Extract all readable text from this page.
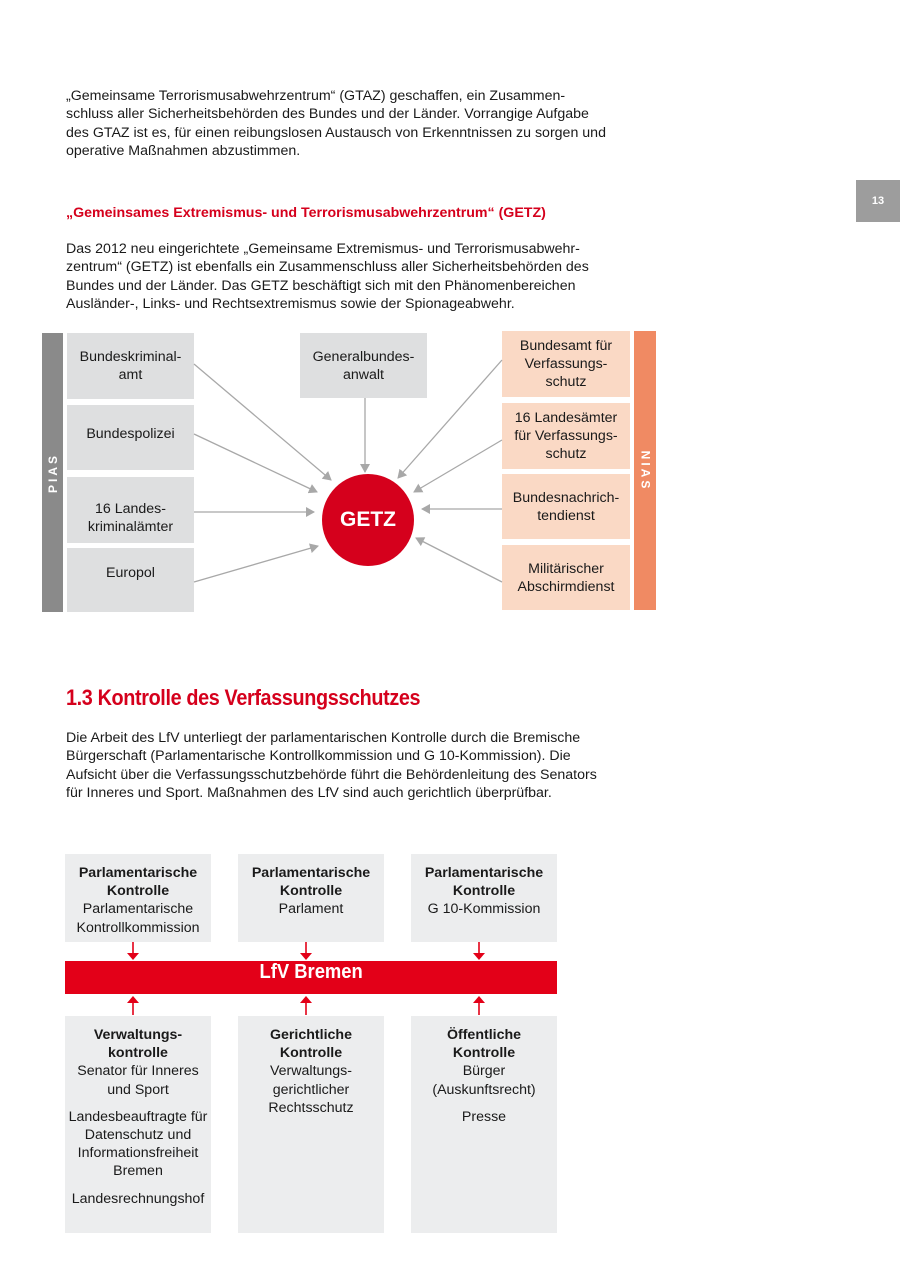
13
„Gemeinsame Terrorismusabwehrzentrum“ (GTAZ) geschaffen, ein Zusammen-
schluss aller Sicherheitsbehörden des Bundes und der Länder. Vorrangige Aufgabe
des GTAZ ist es, für einen reibungslosen Austausch von Erkenntnissen zu sorgen und
operative Maßnahmen abzustimmen.
„Gemeinsames Extremismus- und Terrorismusabwehrzentrum“ (GETZ)
Das 2012 neu eingerichtete „Gemeinsame Extremismus- und Terrorismusabwehr-
zentrum“ (GETZ) ist ebenfalls ein Zusammenschluss aller Sicherheitsbehörden des
Bundes und der Länder. Das GETZ beschäftigt sich mit den Phänomenbereichen
Ausländer-, Links- und Rechtsextremismus sowie der Spionageabwehr.
PIAS	NIAS
Bundeskriminal-
amt
Bundespolizei
16 Landes-
kriminalämter
Europol
Generalbundes-
anwalt
Bundesamt für
Verfassungs-
schutz
16 Landesämter
für Verfassungs-
schutz
Bundesnachrich-
tendienst
Militärischer
Abschirmdienst
GETZ
1.3 Kontrolle des Verfassungsschutzes
Die Arbeit des LfV unterliegt der parlamentarischen Kontrolle durch die Bremische
Bürgerschaft (Parlamentarische Kontrollkommission und G 10-Kommission). Die
Aufsicht über die Verfassungsschutzbehörde führt die Behördenleitung des Senators
für Inneres und Sport. Maßnahmen des LfV sind auch gerichtlich überprüfbar.
Parlamentarische
Kontrolle
Parlamentarische
Kontrollkommission
Parlamentarische
Kontrolle
Parlament
Parlamentarische
Kontrolle
G 10-Kommission
LfV Bremen
Verwaltungs-
kontrolle
Senator für Inneres
und Sport
Landesbeauftragte für
Datenschutz und
Informationsfreiheit
Bremen
Landesrechnungshof
Gerichtliche
Kontrolle
Verwaltungs-
gerichtlicher
Rechtsschutz
Öffentliche
Kontrolle
Bürger
(Auskunftsrecht)
Presse
